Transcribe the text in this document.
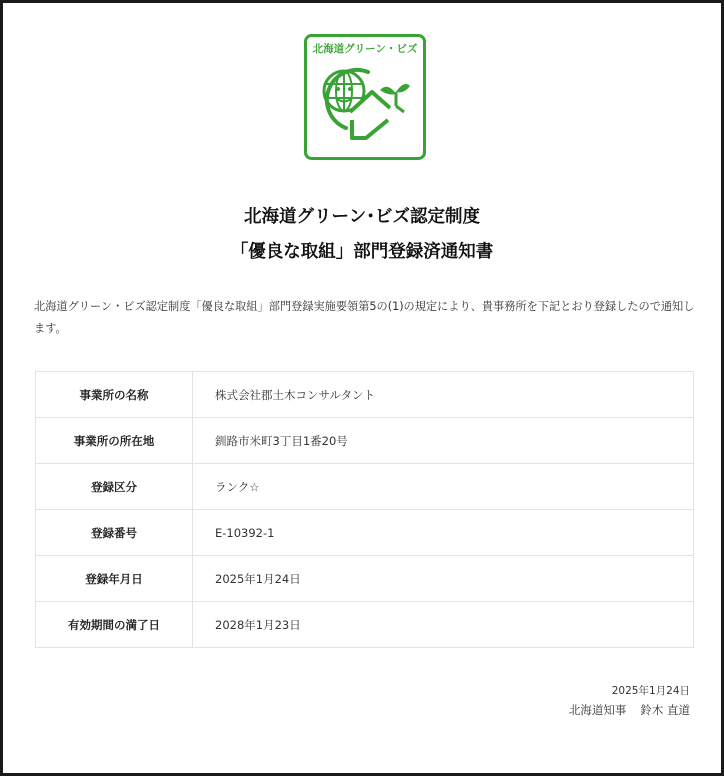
北海道グリーン・ビズ
北海道グリーン･ビズ認定制度
「優良な取組」部門登録済通知書

北海道グリーン・ビズ認定制度「優良な取組」部門登録実施要領第5の(1)の規定により、貴事務所を下記とおり登録したので通知します。

事業所の名称	株式会社郡土木コンサルタント
事業所の所在地	釧路市米町3丁目1番20号
登録区分	ランク☆
登録番号	E-10392-1
登録年月日	2025年1月24日
有効期間の満了日	2028年1月23日

2025年1月24日

北海道知事 鈴木 直道
